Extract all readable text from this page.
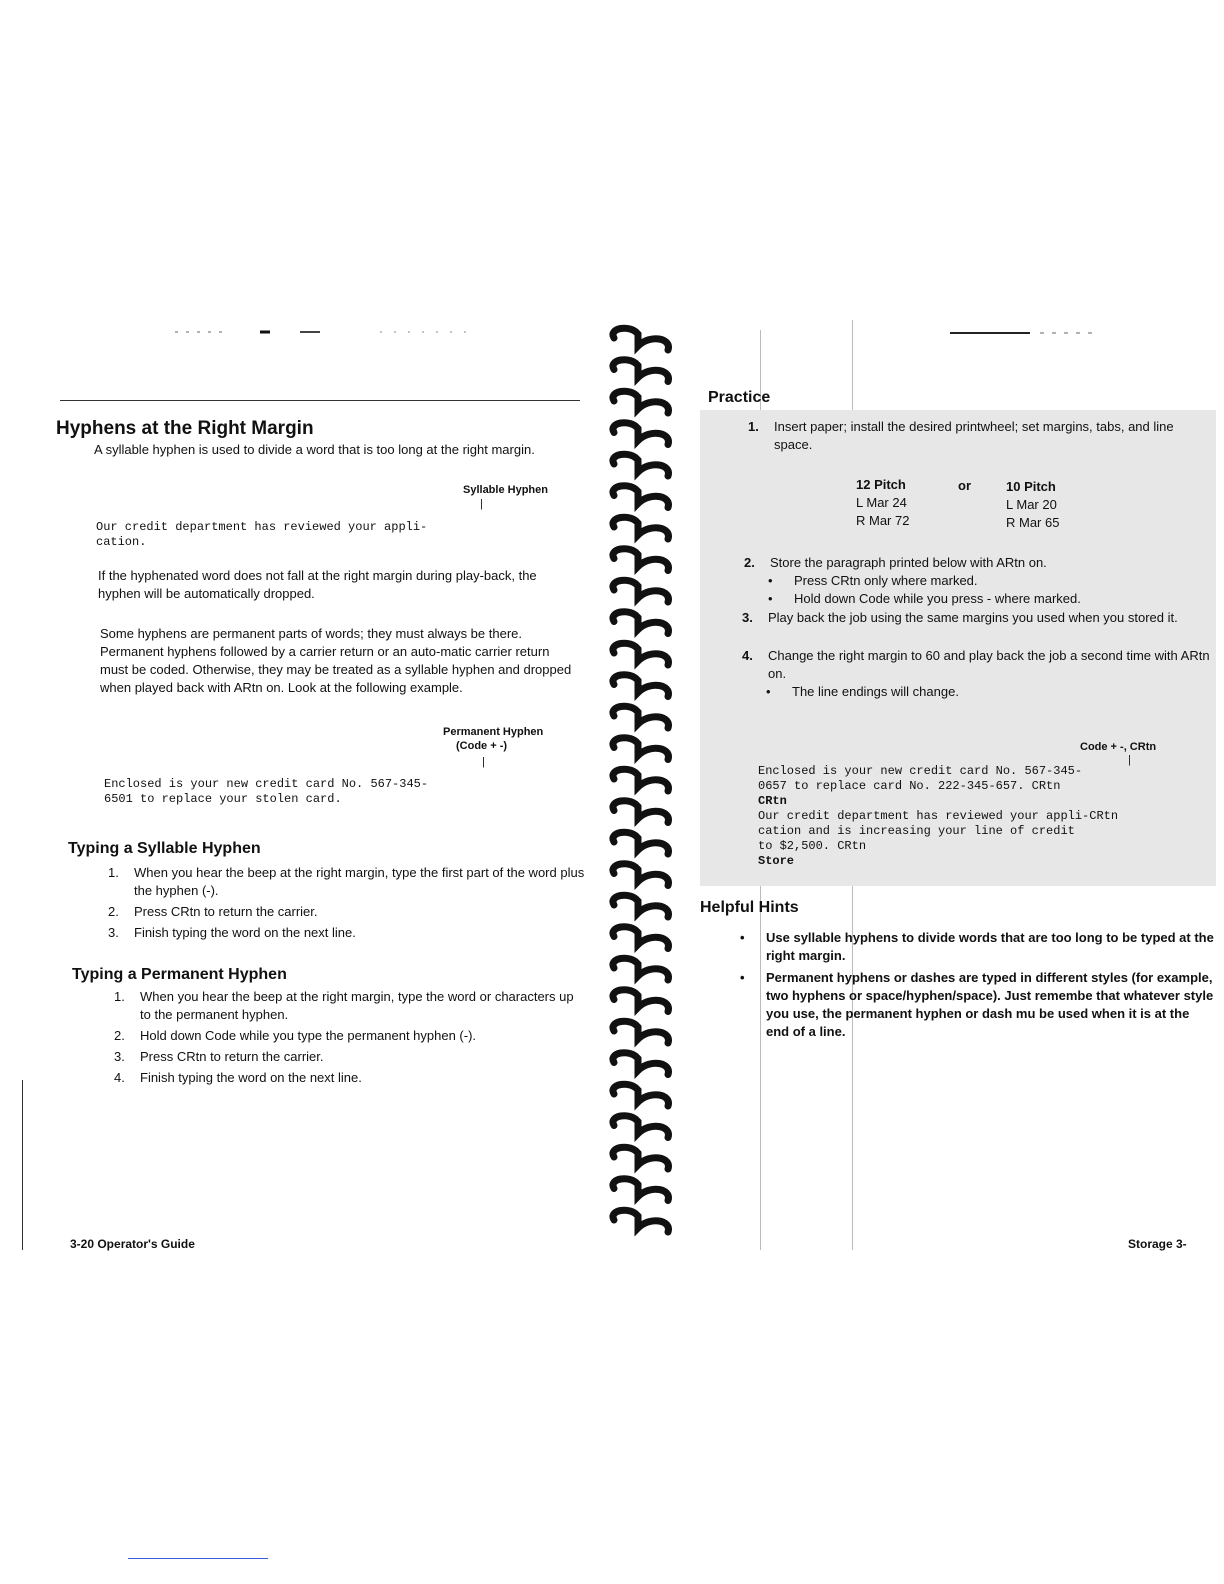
Hyphens at the Right Margin
A syllable hyphen is used to divide a word that is too long at the right margin.
Syllable Hyphen
|
Our credit department has reviewed your appli-
cation.
If the hyphenated word does not fall at the right margin during play-back, the hyphen will be automatically dropped.
Some hyphens are permanent parts of words; they must always be there. Permanent hyphens followed by a carrier return or an auto-matic carrier return must be coded. Otherwise, they may be treated as a syllable hyphen and dropped when played back with ARtn on. Look at the following example.
Permanent Hyphen
(Code + -)
|
Enclosed is your new credit card No. 567-345-
6501 to replace your stolen card.
Typing a Syllable Hyphen
1. When you hear the beep at the right margin, type the first part of the word plus the hyphen (-).
2. Press CRtn to return the carrier.
3. Finish typing the word on the next line.
Typing a Permanent Hyphen
1. When you hear the beep at the right margin, type the word or characters up to the permanent hyphen.
2. Hold down Code while you type the permanent hyphen (-).
3. Press CRtn to return the carrier.
4. Finish typing the word on the next line.
3-20 Operator's Guide
Practice
1. Insert paper; install the desired printwheel; set margins, tabs, and line space.
12 Pitch
L Mar 24
R Mar 72
or	10 Pitch
L Mar 20
R Mar 65
2. Store the paragraph printed below with ARtn on.
• Press CRtn only where marked.
• Hold down Code while you press - where marked.
3. Play back the job using the same margins you used when you stored it.
4. Change the right margin to 60 and play back the job a second time with ARtn on.
• The line endings will change.
Code + -, CRtn
|
Enclosed is your new credit card No. 567-345-
0657 to replace card No. 222-345-657. CRtn
CRtn
Our credit department has reviewed your appli-CRtn
cation and is increasing your line of credit
to $2,500. CRtn
Store
Helpful Hints
• Use syllable hyphens to divide words that are too long to be typed at the right margin.
• Permanent hyphens or dashes are typed in different styles (for example, two hyphens or space/hyphen/space). Just remembe that whatever style you use, the permanent hyphen or dash mu be used when it is at the end of a line.
Storage 3-
